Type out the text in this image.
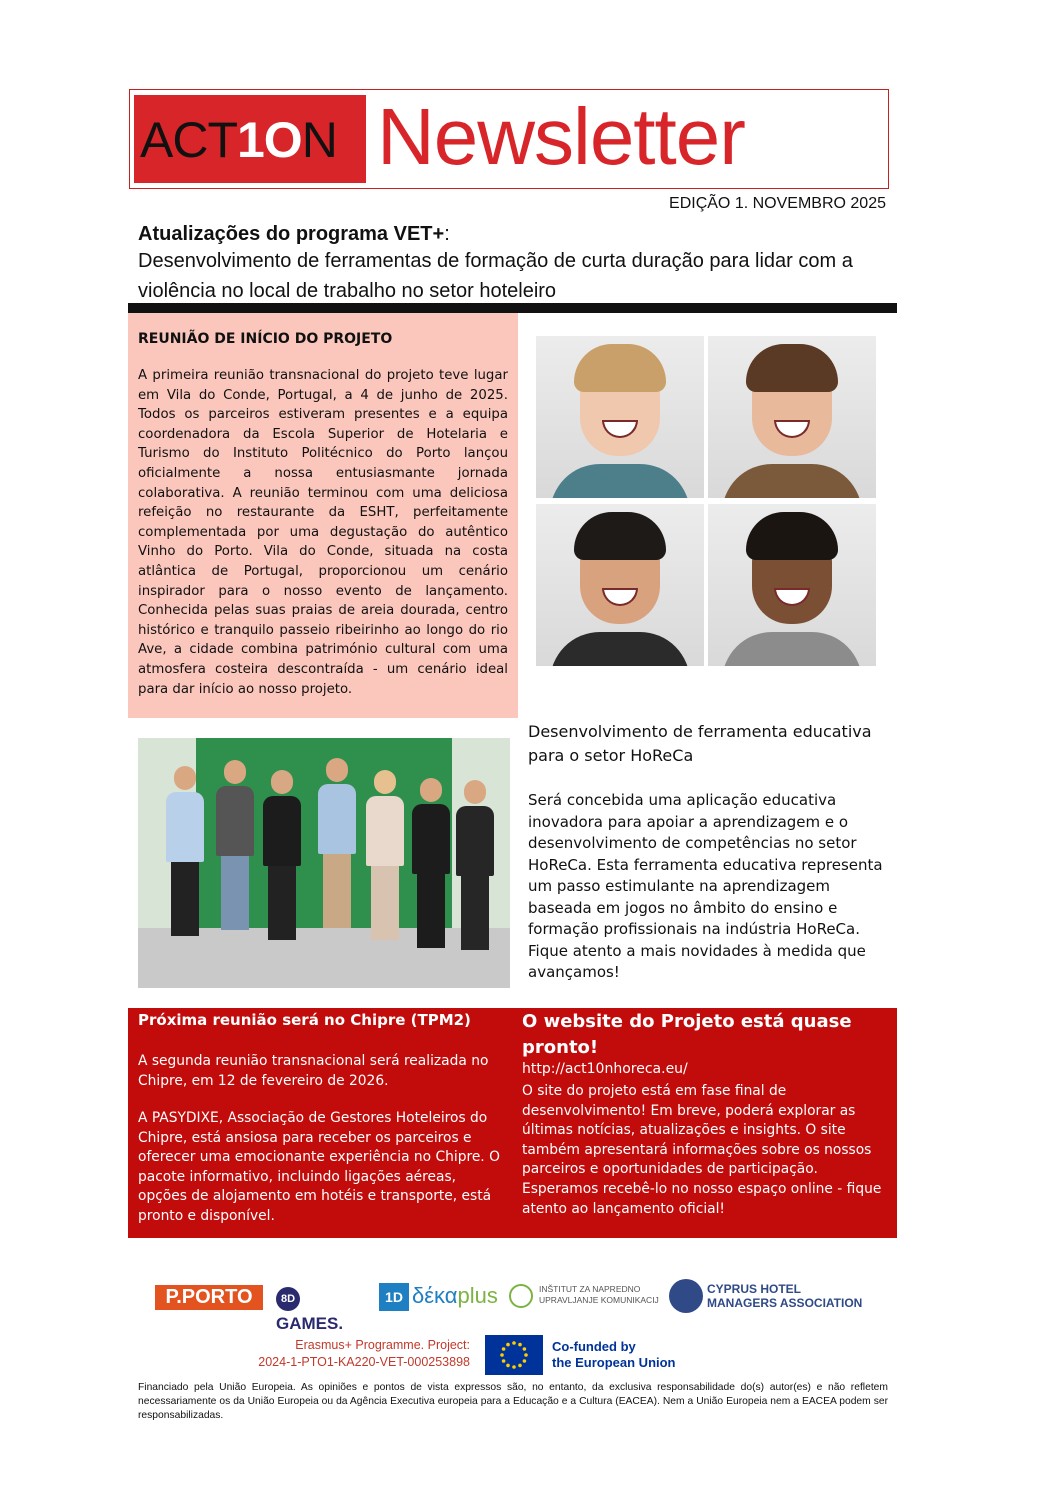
ACT1ON Newsletter
EDIÇÃO 1. NOVEMBRO 2025
Atualizações do programa VET+:
Desenvolvimento de ferramentas de formação de curta duração para lidar com a violência no local de trabalho no setor hoteleiro
REUNIÃO DE INÍCIO DO PROJETO
A primeira reunião transnacional do projeto teve lugar em Vila do Conde, Portugal, a 4 de junho de 2025. Todos os parceiros estiveram presentes e a equipa coordenadora da Escola Superior de Hotelaria e Turismo do Instituto Politécnico do Porto lançou oficialmente a nossa entusiasmante jornada colaborativa. A reunião terminou com uma deliciosa refeição no restaurante da ESHT, perfeitamente complementada por uma degustação do autêntico Vinho do Porto. Vila do Conde, situada na costa atlântica de Portugal, proporcionou um cenário inspirador para o nosso evento de lançamento. Conhecida pelas suas praias de areia dourada, centro histórico e tranquilo passeio ribeirinho ao longo do rio Ave, a cidade combina património cultural com uma atmosfera costeira descontraída - um cenário ideal para dar início ao nosso projeto.
Desenvolvimento de ferramenta educativa para o setor HoReCa
Será concebida uma aplicação educativa inovadora para apoiar a aprendizagem e o desenvolvimento de competências no setor HoReCa. Esta ferramenta educativa representa um passo estimulante na aprendizagem baseada em jogos no âmbito do ensino e formação profissionais na indústria HoReCa. Fique atento a mais novidades à medida que avançamos!
Próxima reunião será no Chipre (TPM2)
A segunda reunião transnacional será realizada no Chipre, em 12 de fevereiro de 2026.
A PASYDIXE, Associação de Gestores Hoteleiros do Chipre, está ansiosa para receber os parceiros e oferecer uma emocionante experiência no Chipre. O pacote informativo, incluindo ligações aéreas, opções de alojamento em hotéis e transporte, está pronto e disponível.
O website do Projeto está quase pronto!
http://act10nhoreca.eu/
O site do projeto está em fase final de desenvolvimento! Em breve, poderá explorar as últimas notícias, atualizações e insights. O site também apresentará informações sobre os nossos parceiros e oportunidades de participação. Esperamos recebê-lo no nosso espaço online - fique atento ao lançamento oficial!
P.PORTO	8DGAMES.
1D δέκαplus	INŠTITUT ZA NAPREDNO UPRAVLJANJE KOMUNIKACIJ
CYPRUS HOTEL MANAGERS ASSOCIATION
Erasmus+ Programme. Project:
2024-1-PTO1-KA220-VET-000253898
Co-funded by
the European Union
Financiado pela União Europeia. As opiniões e pontos de vista expressos são, no entanto, da exclusiva responsabilidade do(s) autor(es) e não refletem necessariamente os da União Europeia ou da Agência Executiva europeia para a Educação e a Cultura (EACEA). Nem a União Europeia nem a EACEA podem ser responsabilizadas.
